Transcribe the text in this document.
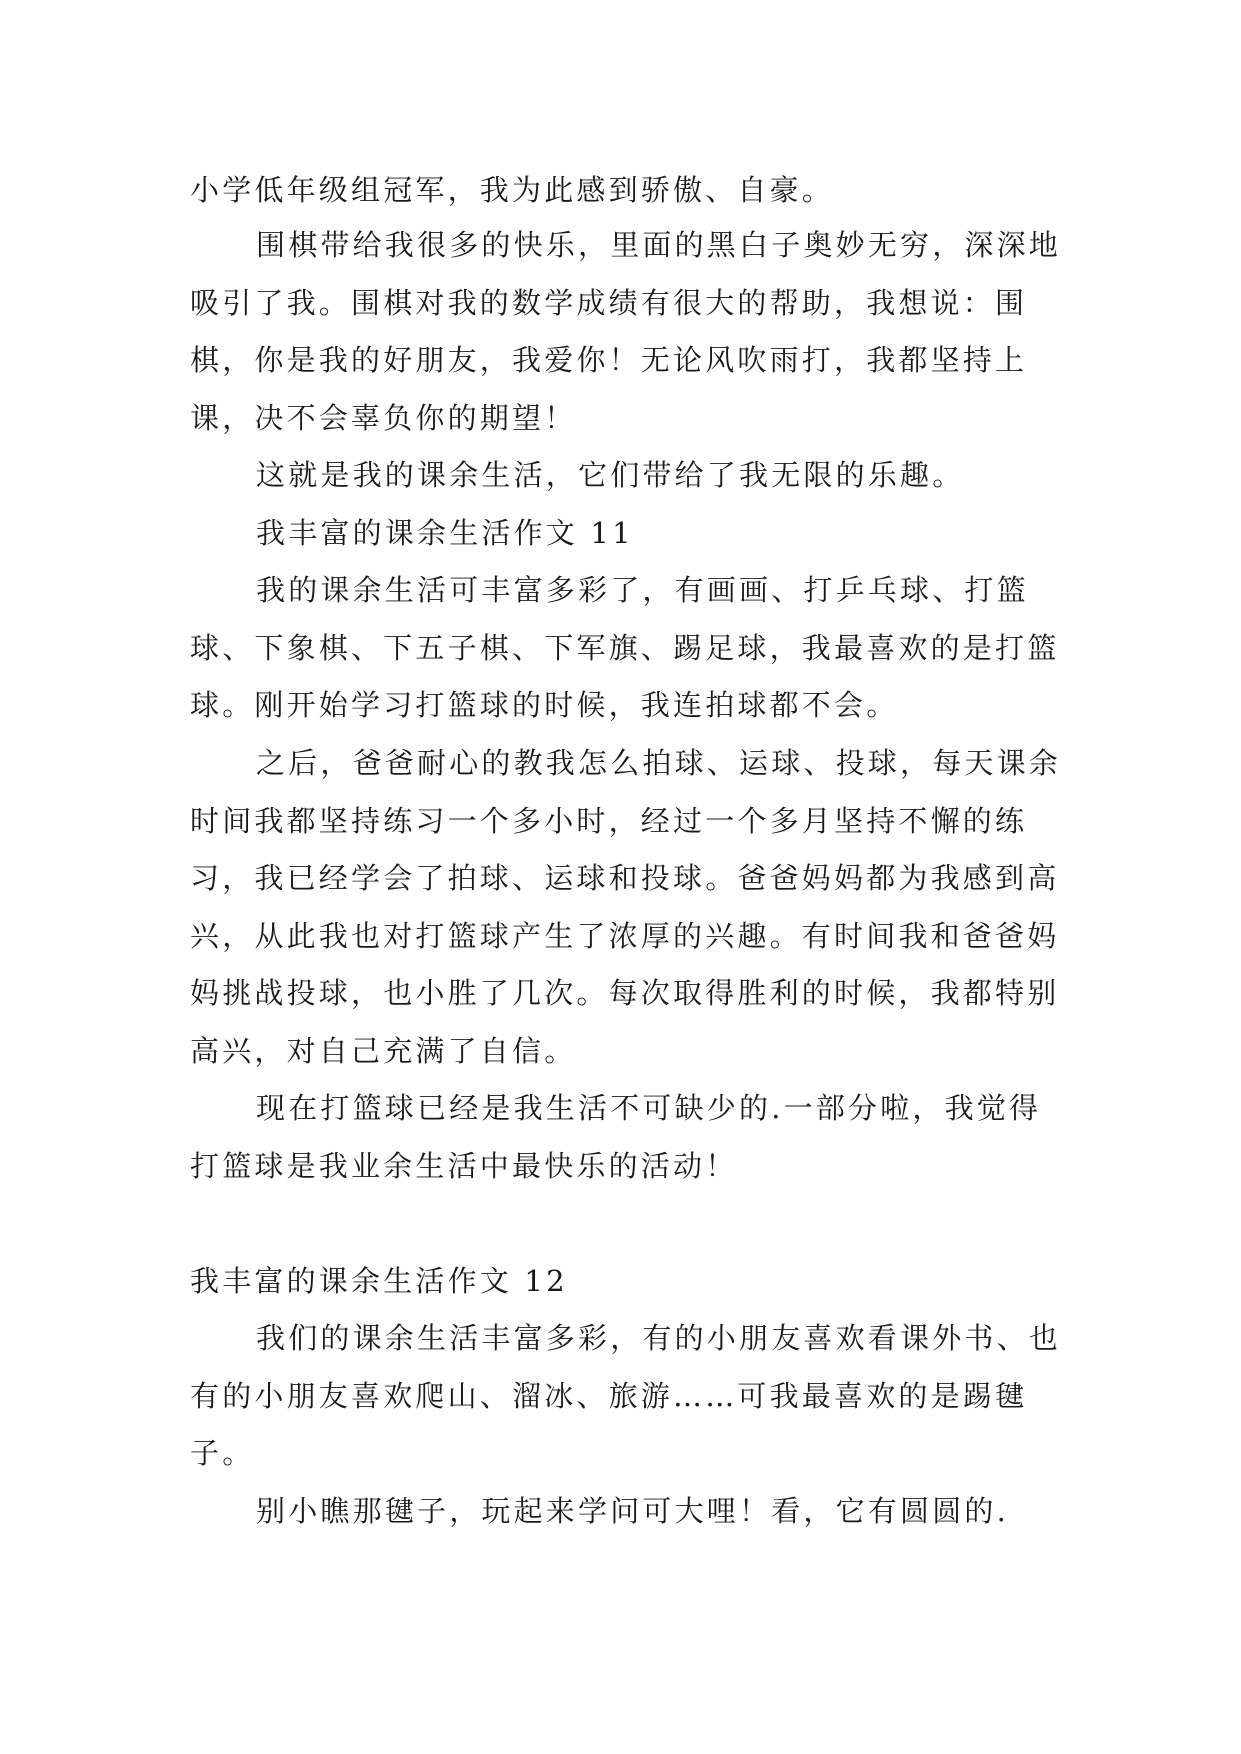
小学低年级组冠军，我为此感到骄傲、自豪。

围棋带给我很多的快乐，里面的黑白子奥妙无穷，深深地吸引了我。围棋对我的数学成绩有很大的帮助，我想说：围棋，你是我的好朋友，我爱你！无论风吹雨打，我都坚持上课，决不会辜负你的期望！

这就是我的课余生活，它们带给了我无限的乐趣。

我丰富的课余生活作文 11

我的课余生活可丰富多彩了，有画画、打乒乓球、打篮球、下象棋、下五子棋、下军旗、踢足球，我最喜欢的是打篮球。刚开始学习打篮球的时候，我连拍球都不会。

之后，爸爸耐心的教我怎么拍球、运球、投球，每天课余时间我都坚持练习一个多小时，经过一个多月坚持不懈的练习，我已经学会了拍球、运球和投球。爸爸妈妈都为我感到高兴，从此我也对打篮球产生了浓厚的兴趣。有时间我和爸爸妈妈挑战投球，也小胜了几次。每次取得胜利的时候，我都特别高兴，对自己充满了自信。

现在打篮球已经是我生活不可缺少的.一部分啦，我觉得打篮球是我业余生活中最快乐的活动！

我丰富的课余生活作文 12

我们的课余生活丰富多彩，有的小朋友喜欢看课外书、也有的小朋友喜欢爬山、溜冰、旅游……可我最喜欢的是踢毽子。

别小瞧那毽子，玩起来学问可大哩！看，它有圆圆的.
